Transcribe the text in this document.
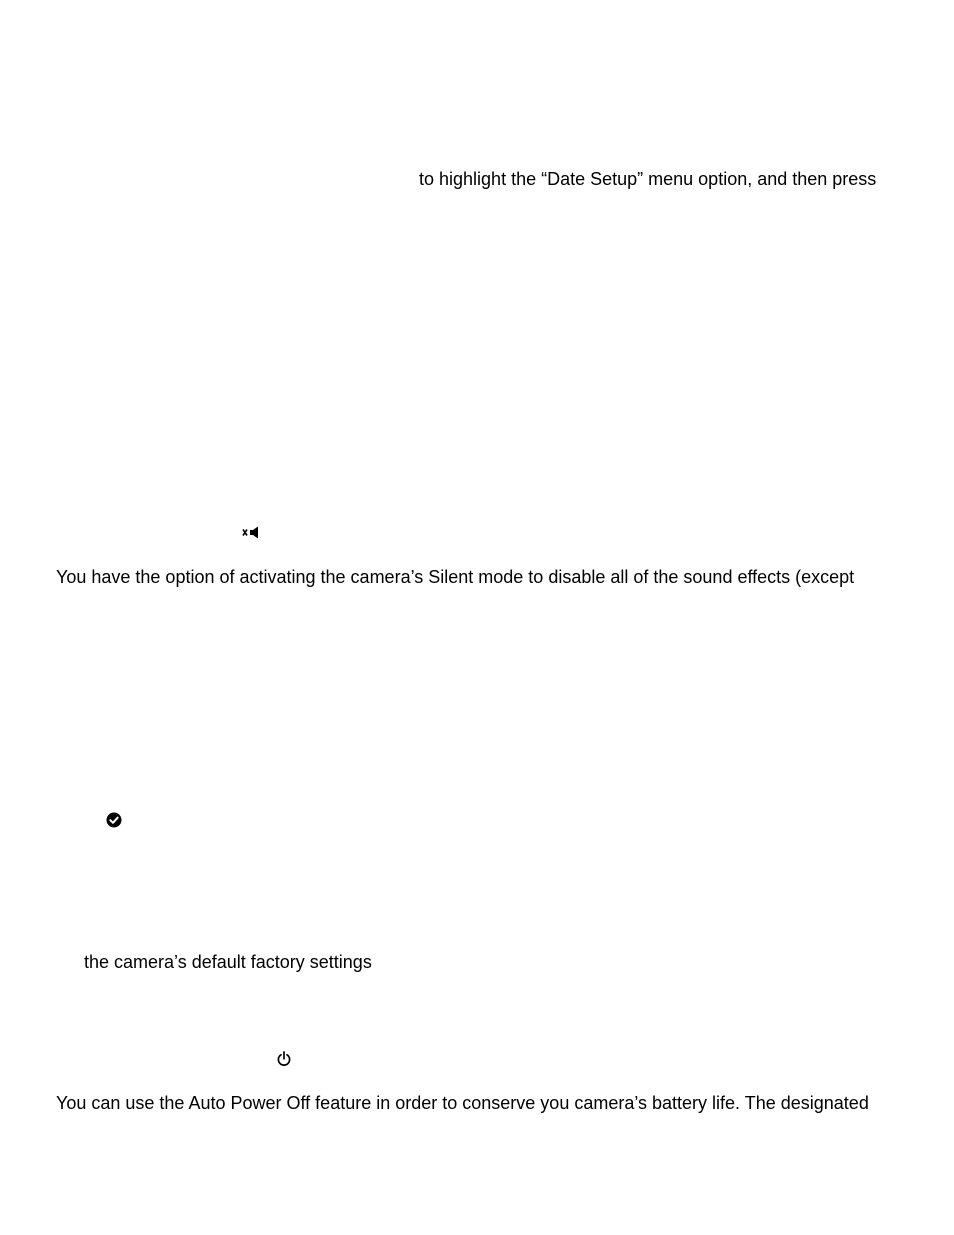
to highlight the “Date Setup” menu option, and then press
You have the option of activating the camera’s Silent mode to disable all of the sound effects (except
the camera’s default factory settings
You can use the Auto Power Off feature in order to conserve you camera’s battery life. The designated
